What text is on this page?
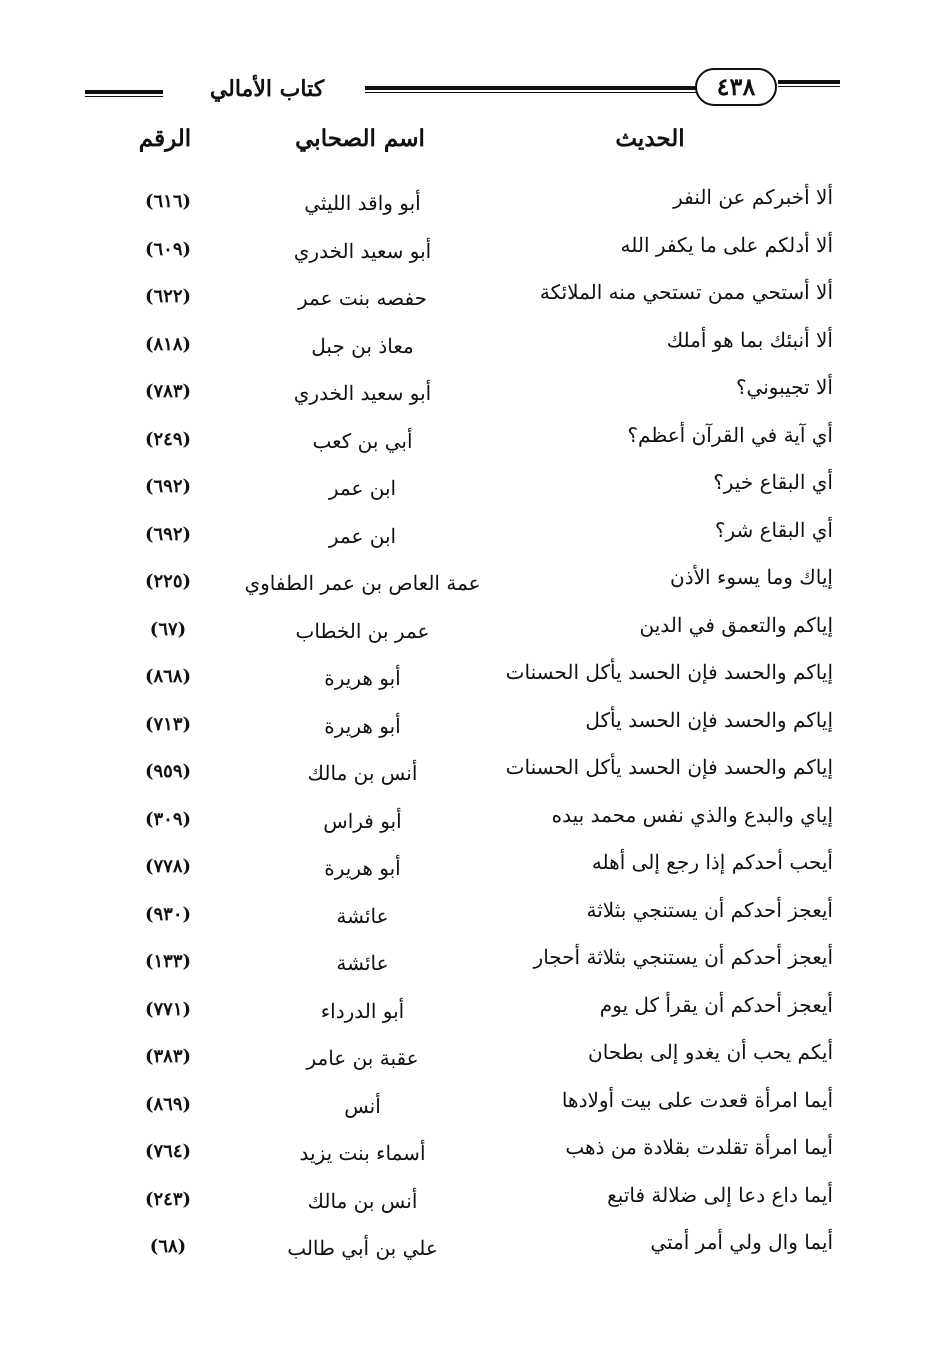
٤٣٨
كتاب الأمالي
الحديث
اسم الصحابي
الرقم
ألا أخبركم عن النفر
أبو واقد الليثي
(٦١٦)
ألا أدلكم على ما يكفر الله
أبو سعيد الخدري
(٦٠٩)
ألا أستحي ممن تستحي منه الملائكة
حفصه بنت عمر
(٦٢٢)
ألا أنبئك بما هو أملك
معاذ بن جبل
(٨١٨)
ألا تجيبوني؟
أبو سعيد الخدري
(٧٨٣)
أي آية في القرآن أعظم؟
أبي بن كعب
(٢٤٩)
أي البقاع خير؟
ابن عمر
(٦٩٢)
أي البقاع شر؟
ابن عمر
(٦٩٢)
إياك وما يسوء الأذن
عمة العاص بن عمر الطفاوي
(٢٢٥)
إياكم والتعمق في الدين
عمر بن الخطاب
(٦٧)
إياكم والحسد فإن الحسد يأكل الحسنات
أبو هريرة
(٨٦٨)
إياكم والحسد فإن الحسد يأكل
أبو هريرة
(٧١٣)
إياكم والحسد فإن الحسد يأكل الحسنات
أنس بن مالك
(٩٥٩)
إياي والبدع والذي نفس محمد بيده
أبو فراس
(٣٠٩)
أيحب أحدكم إذا رجع إلى أهله
أبو هريرة
(٧٧٨)
أيعجز أحدكم أن يستنجي بثلاثة
عائشة
(٩٣٠)
أيعجز أحدكم أن يستنجي بثلاثة أحجار
عائشة
(١٣٣)
أيعجز أحدكم أن يقرأ كل يوم
أبو الدرداء
(٧٧١)
أيكم يحب أن يغدو إلى بطحان
عقبة بن عامر
(٣٨٣)
أيما امرأة قعدت على بيت أولادها
أنس
(٨٦٩)
أيما امرأة تقلدت بقلادة من ذهب
أسماء بنت يزيد
(٧٦٤)
أيما داع دعا إلى ضلالة فاتبع
أنس بن مالك
(٢٤٣)
أيما وال ولي أمر أمتي
علي بن أبي طالب
(٦٨)
